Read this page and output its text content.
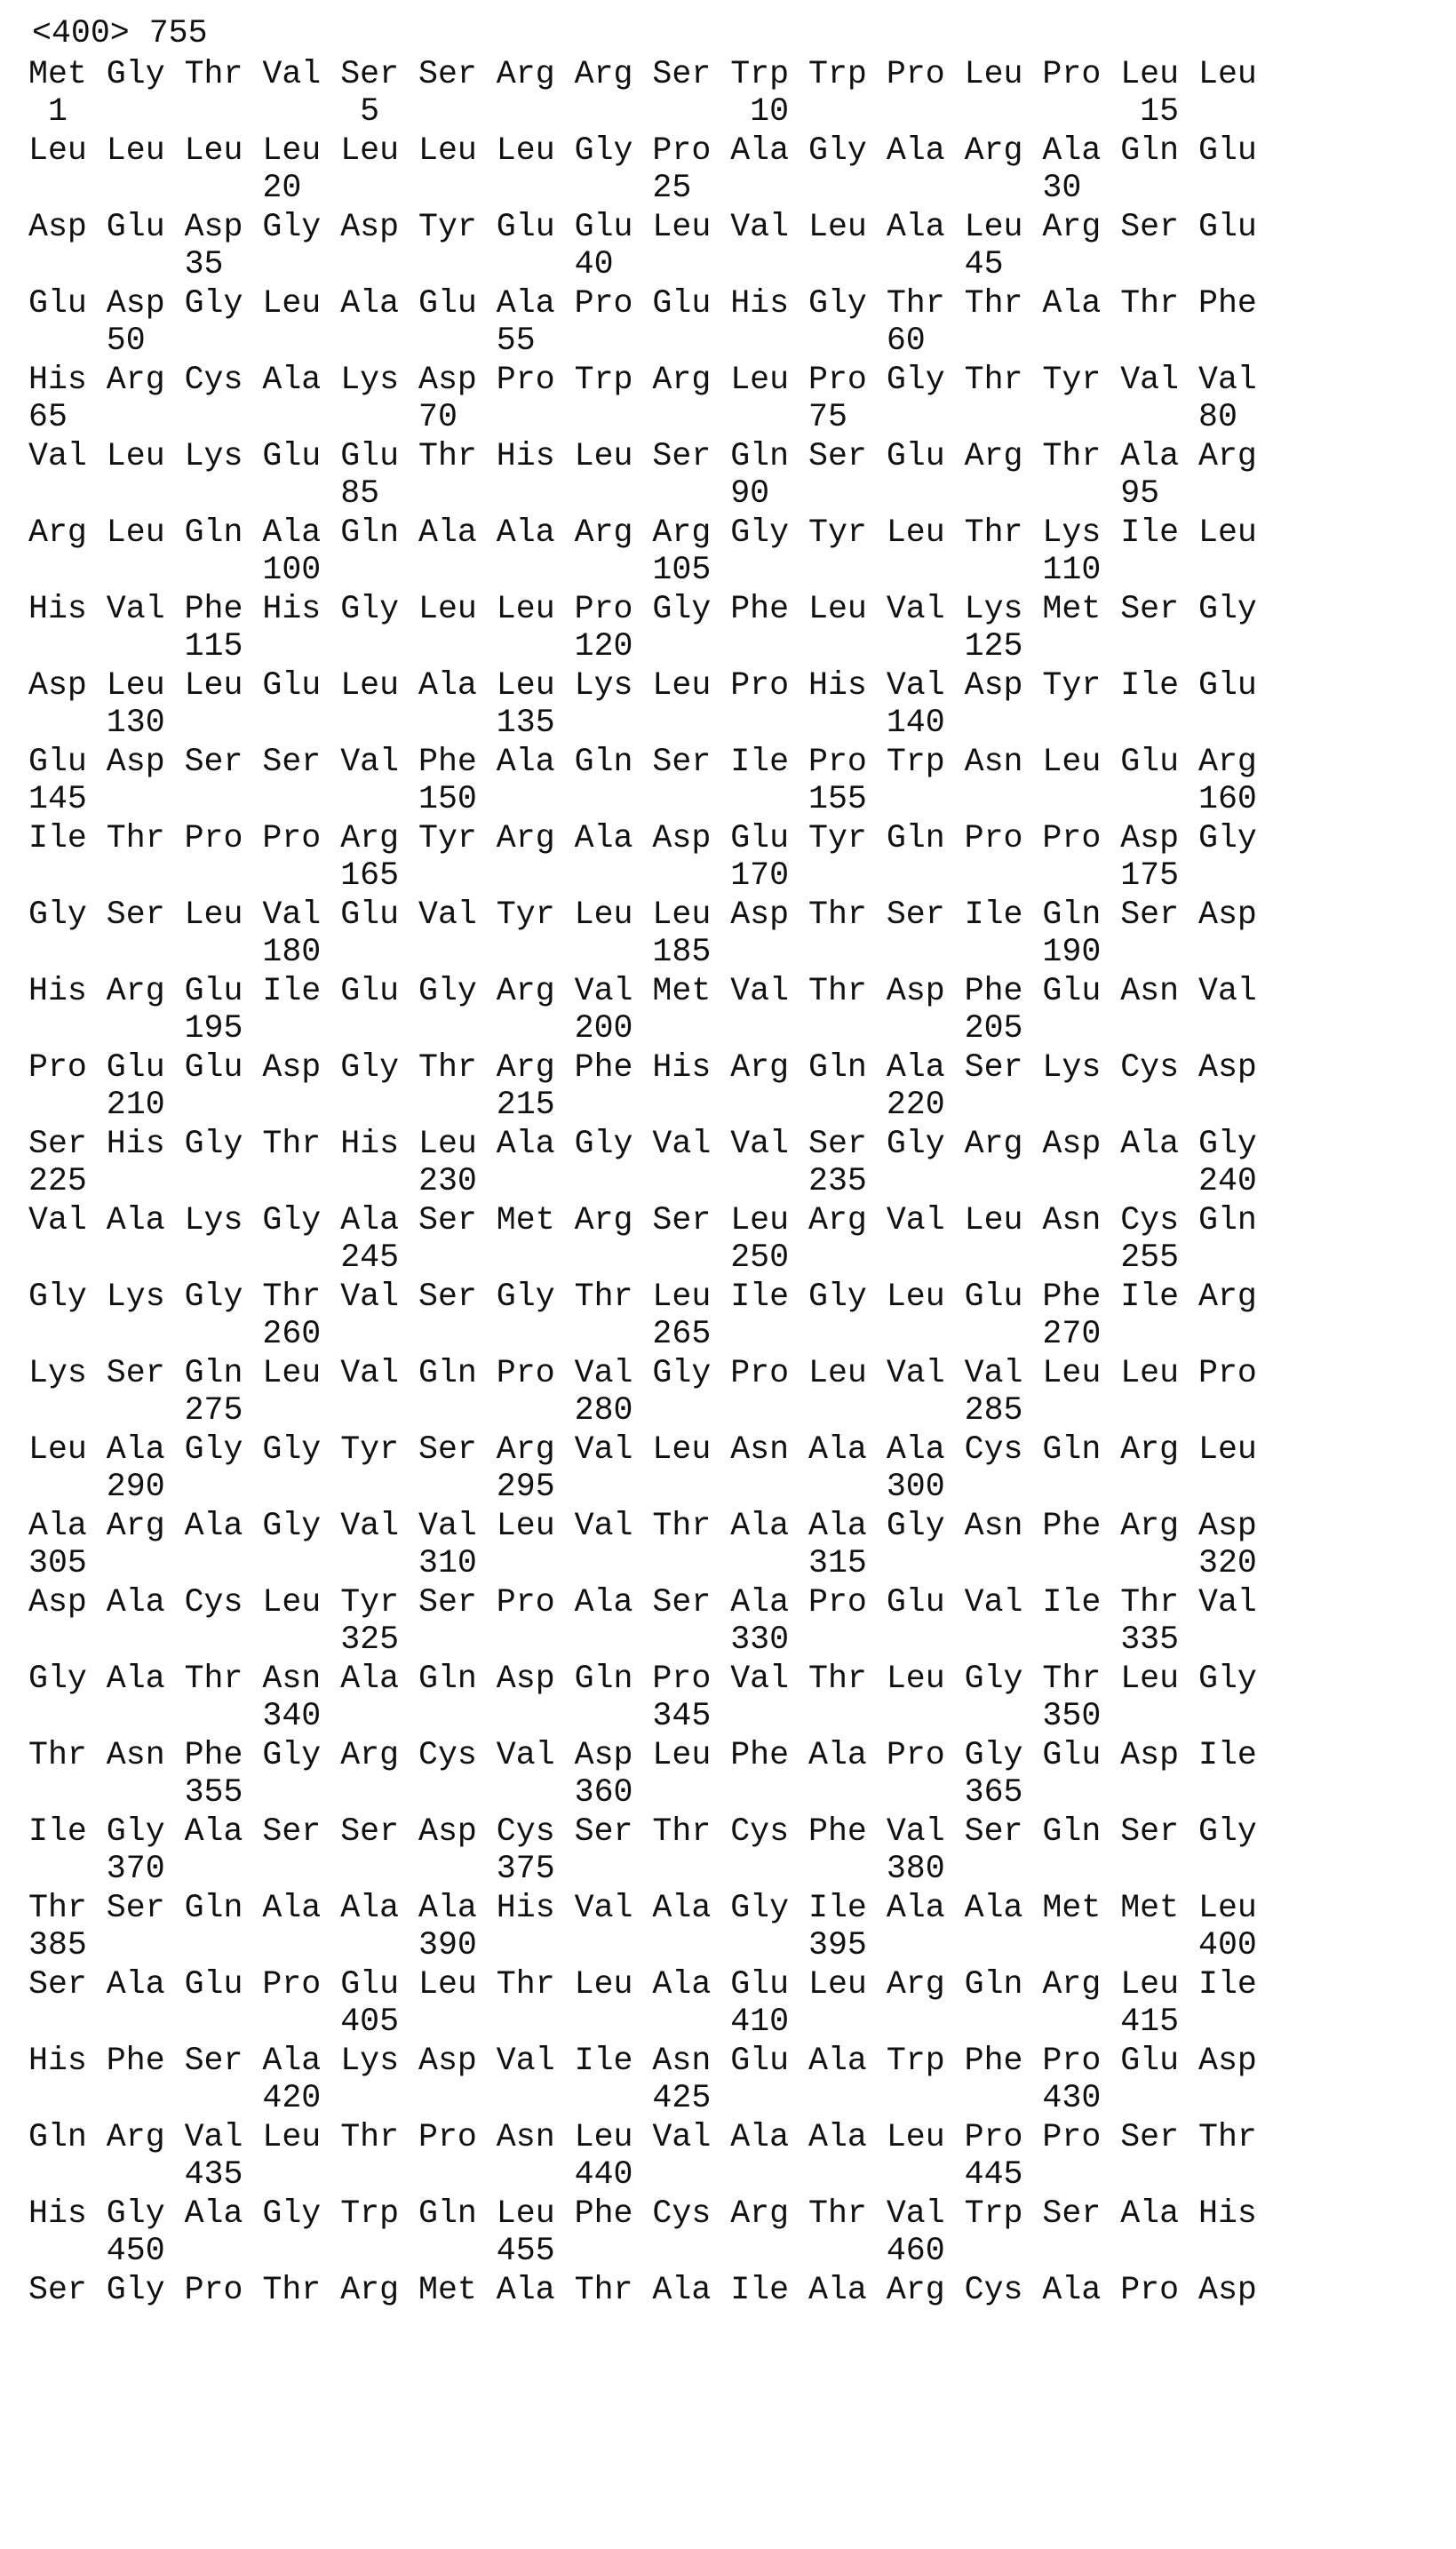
<400> 755
Met Gly Thr Val Ser Ser Arg Arg Ser Trp Trp Pro Leu Pro Leu Leu
1               5                   10                  15
Leu Leu Leu Leu Leu Leu Leu Gly Pro Ala Gly Ala Arg Ala Gln Glu
20                  25                  30
Asp Glu Asp Gly Asp Tyr Glu Glu Leu Val Leu Ala Leu Arg Ser Glu
35                  40                  45
Glu Asp Gly Leu Ala Glu Ala Pro Glu His Gly Thr Thr Ala Thr Phe
50                  55                  60
His Arg Cys Ala Lys Asp Pro Trp Arg Leu Pro Gly Thr Tyr Val Val
65                  70                  75                  80
Val Leu Lys Glu Glu Thr His Leu Ser Gln Ser Glu Arg Thr Ala Arg
85                  90                  95
Arg Leu Gln Ala Gln Ala Ala Arg Arg Gly Tyr Leu Thr Lys Ile Leu
100                 105                 110
His Val Phe His Gly Leu Leu Pro Gly Phe Leu Val Lys Met Ser Gly
115                 120                 125
Asp Leu Leu Glu Leu Ala Leu Lys Leu Pro His Val Asp Tyr Ile Glu
130                 135                 140
Glu Asp Ser Ser Val Phe Ala Gln Ser Ile Pro Trp Asn Leu Glu Arg
145                 150                 155                 160
Ile Thr Pro Pro Arg Tyr Arg Ala Asp Glu Tyr Gln Pro Pro Asp Gly
165                 170                 175
Gly Ser Leu Val Glu Val Tyr Leu Leu Asp Thr Ser Ile Gln Ser Asp
180                 185                 190
His Arg Glu Ile Glu Gly Arg Val Met Val Thr Asp Phe Glu Asn Val
195                 200                 205
Pro Glu Glu Asp Gly Thr Arg Phe His Arg Gln Ala Ser Lys Cys Asp
210                 215                 220
Ser His Gly Thr His Leu Ala Gly Val Val Ser Gly Arg Asp Ala Gly
225                 230                 235                 240
Val Ala Lys Gly Ala Ser Met Arg Ser Leu Arg Val Leu Asn Cys Gln
245                 250                 255
Gly Lys Gly Thr Val Ser Gly Thr Leu Ile Gly Leu Glu Phe Ile Arg
260                 265                 270
Lys Ser Gln Leu Val Gln Pro Val Gly Pro Leu Val Val Leu Leu Pro
275                 280                 285
Leu Ala Gly Gly Tyr Ser Arg Val Leu Asn Ala Ala Cys Gln Arg Leu
290                 295                 300
Ala Arg Ala Gly Val Val Leu Val Thr Ala Ala Gly Asn Phe Arg Asp
305                 310                 315                 320
Asp Ala Cys Leu Tyr Ser Pro Ala Ser Ala Pro Glu Val Ile Thr Val
325                 330                 335
Gly Ala Thr Asn Ala Gln Asp Gln Pro Val Thr Leu Gly Thr Leu Gly
340                 345                 350
Thr Asn Phe Gly Arg Cys Val Asp Leu Phe Ala Pro Gly Glu Asp Ile
355                 360                 365
Ile Gly Ala Ser Ser Asp Cys Ser Thr Cys Phe Val Ser Gln Ser Gly
370                 375                 380
Thr Ser Gln Ala Ala Ala His Val Ala Gly Ile Ala Ala Met Met Leu
385                 390                 395                 400
Ser Ala Glu Pro Glu Leu Thr Leu Ala Glu Leu Arg Gln Arg Leu Ile
405                 410                 415
His Phe Ser Ala Lys Asp Val Ile Asn Glu Ala Trp Phe Pro Glu Asp
420                 425                 430
Gln Arg Val Leu Thr Pro Asn Leu Val Ala Ala Leu Pro Pro Ser Thr
435                 440                 445
His Gly Ala Gly Trp Gln Leu Phe Cys Arg Thr Val Trp Ser Ala His
450                 455                 460
Ser Gly Pro Thr Arg Met Ala Thr Ala Ile Ala Arg Cys Ala Pro Asp
